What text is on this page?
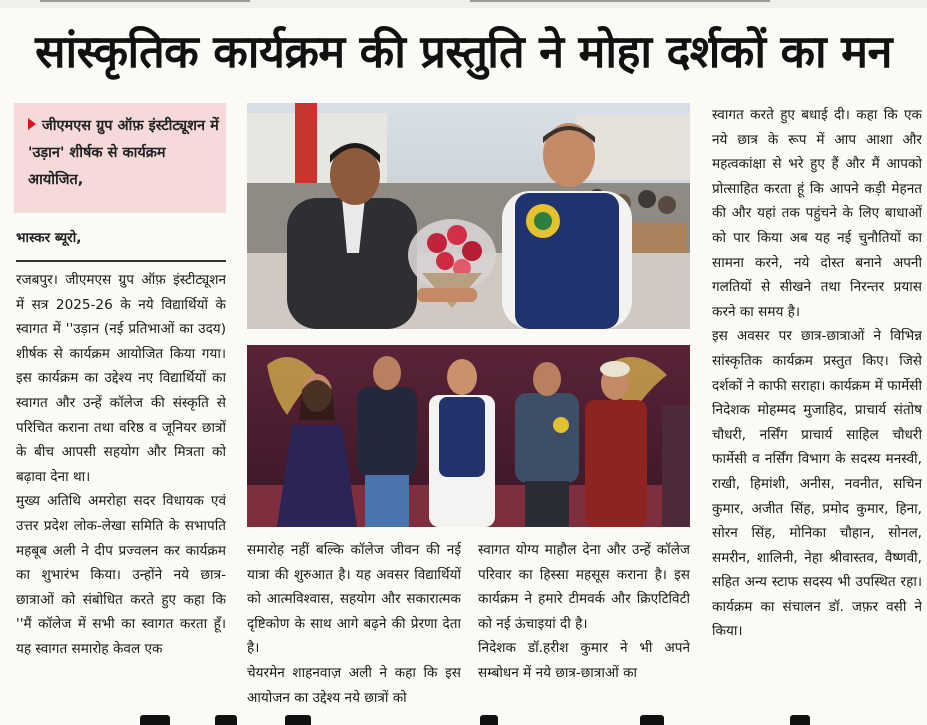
सांस्कृतिक कार्यक्रम की प्रस्तुति ने मोहा दर्शकों का मन
जीएमएस ग्रुप ऑफ़ इंस्टीट्यूशन में 'उड़ान' शीर्षक से कार्यक्रम आयोजित,
भास्कर ब्यूरो,

रजबपुर। जीएमएस ग्रुप ऑफ़ इंस्टीट्यूशन में सत्र 2025-26 के नये विद्यार्थियों के स्वागत में ''उड़ान (नई प्रतिभाओं का उदय) शीर्षक से कार्यक्रम आयोजित किया गया। इस कार्यक्रम का उद्देश्य नए विद्यार्थियों का स्वागत और उन्हें कॉलेज की संस्कृति से परिचित कराना तथा वरिष्ठ व जूनियर छात्रों के बीच आपसी सहयोग और मित्रता को बढ़ावा देना था।

मुख्य अतिथि अमरोहा सदर विधायक एवं उत्तर प्रदेश लोक-लेखा समिति के सभापति महबूब अली ने दीप प्रज्वलन कर कार्यक्रम का शुभारंभ किया। उन्होंने नये छात्र-छात्राओं को संबोधित करते हुए कहा कि ''मैं कॉलेज में सभी का स्वागत करता हूँ। यह स्वागत समारोह केवल एक

समारोह नहीं बल्कि कॉलेज जीवन की नई यात्रा की शुरुआत है। यह अवसर विद्यार्थियों को आत्मविश्वास, सहयोग और सकारात्मक दृष्टिकोण के साथ आगे बढ़ने की प्रेरणा देता है।

चेयरमेन शाहनवाज़ अली ने कहा कि इस आयोजन का उद्देश्य नये छात्रों को

स्वागत योग्य माहौल देना और उन्हें कॉलेज परिवार का हिस्सा महसूस कराना है। इस कार्यक्रम ने हमारे टीमवर्क और क्रिएटिविटी को नई ऊंचाइयां दी है।

निदेशक डॉ.हरीश कुमार ने भी अपने सम्बोधन में नये छात्र-छात्राओं का

स्वागत करते हुए बधाई दी। कहा कि एक नये छात्र के रूप में आप आशा और महत्वकांक्षा से भरे हुए हैं और मैं आपको प्रोत्साहित करता हूं कि आपने कड़ी मेहनत की और यहां तक पहुंचने के लिए बाधाओं को पार किया अब यह नई चुनौतियों का सामना करने, नये दोस्त बनाने अपनी गलतियों से सीखने तथा निरन्तर प्रयास करने का समय है।

इस अवसर पर छात्र-छात्राओं ने विभिन्न सांस्कृतिक कार्यक्रम प्रस्तुत किए। जिसे दर्शकों ने काफी सराहा। कार्यक्रम में फार्मेसी निदेशक मोहम्मद मुजाहिद, प्राचार्य संतोष चौधरी, नर्सिंग प्राचार्य साहिल चौधरी फार्मेसी व नर्सिंग विभाग के सदस्य मनस्वी, राखी, हिमांशी, अनीस, नवनीत, सचिन कुमार, अजीत सिंह, प्रमोद कुमार, हिना, सोरन सिंह, मोनिका चौहान, सोनल, समरीन, शालिनी, नेहा श्रीवास्तव, वैष्णवी, सहित अन्य स्टाफ सदस्य भी उपस्थित रहा। कार्यक्रम का संचालन डॉ. जफ़र वसी ने किया।
